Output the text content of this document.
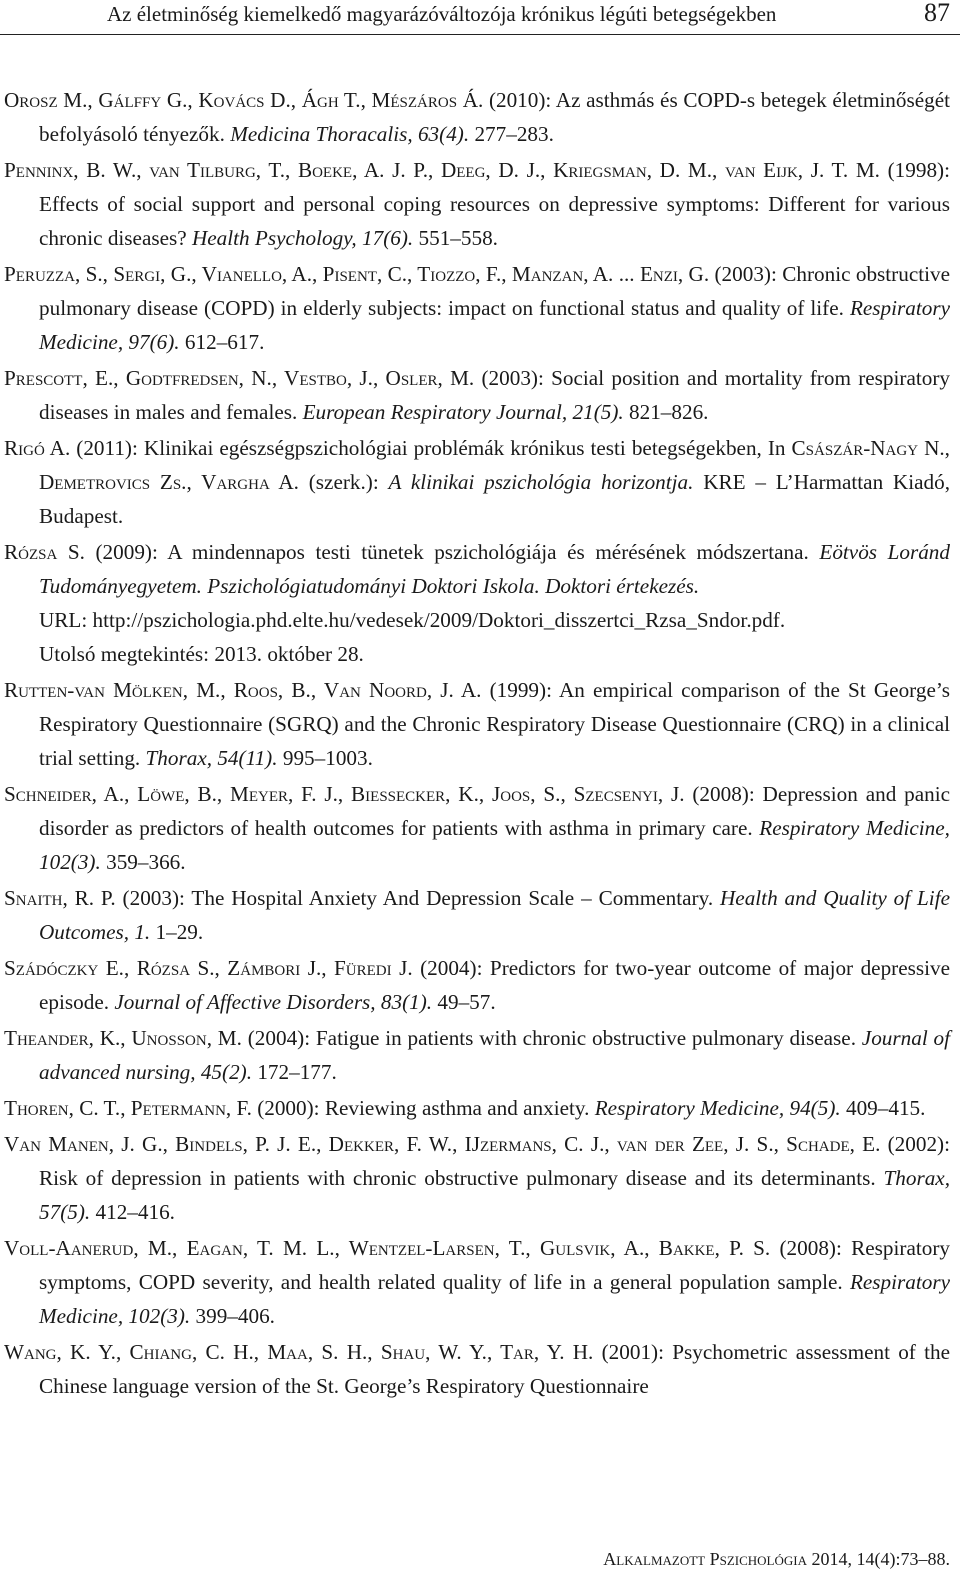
Az életminőség kiemelkedő magyarázóváltozója krónikus légúti betegségekben	87

Orosz M., Gálffy G., Kovács D., Ágh T., Mészáros Á. (2010): Az asthmás és COPD-s betegek életminőségét befolyásoló tényezők. Medicina Thoracalis, 63(4). 277–283.

Penninx, B. W., van Tilburg, T., Boeke, A. J. P., Deeg, D. J., Kriegsman, D. M., van Eijk, J. T. M. (1998): Effects of social support and personal coping resources on depressive symptoms: Different for various chronic diseases? Health Psychology, 17(6). 551–558.

Peruzza, S., Sergi, G., Vianello, A., Pisent, C., Tiozzo, F., Manzan, A. ... Enzi, G. (2003): Chronic obstructive pulmonary disease (COPD) in elderly subjects: impact on functional status and quality of life. Respiratory Medicine, 97(6). 612–617.

Prescott, E., Godtfredsen, N., Vestbo, J., Osler, M. (2003): Social position and mortality from respiratory diseases in males and females. European Respiratory Journal, 21(5). 821–826.

Rigó A. (2011): Klinikai egészségpszichológiai problémák krónikus testi betegségekben, In Császár-Nagy N., Demetrovics Zs., Vargha A. (szerk.): A klinikai pszichológia horizontja. KRE – L’Harmattan Kiadó, Budapest.

Rózsa S. (2009): A mindennapos testi tünetek pszichológiája és mérésének módszertana. Eötvös Loránd Tudományegyetem. Pszichológiatudományi Doktori Iskola. Doktori értekezés.
URL: http://pszichologia.phd.elte.hu/vedesek/2009/Doktori_disszertci_Rzsa_Sndor.pdf.
Utolsó megtekintés: 2013. október 28.

Rutten-van Mölken, M., Roos, B., Van Noord, J. A. (1999): An empirical comparison of the St George’s Respiratory Questionnaire (SGRQ) and the Chronic Respiratory Disease Questionnaire (CRQ) in a clinical trial setting. Thorax, 54(11). 995–1003.

Schneider, A., Löwe, B., Meyer, F. J., Biessecker, K., Joos, S., Szecsenyi, J. (2008): Depression and panic disorder as predictors of health outcomes for patients with asthma in primary care. Respiratory Medicine, 102(3). 359–366.

Snaith, R. P. (2003): The Hospital Anxiety And Depression Scale – Commentary. Health and Quality of Life Outcomes, 1. 1–29.

Szádóczky E., Rózsa S., Zámbori J., Füredi J. (2004): Predictors for two-year outcome of major depressive episode. Journal of Affective Disorders, 83(1). 49–57.

Theander, K., Unosson, M. (2004): Fatigue in patients with chronic obstructive pulmonary disease. Journal of advanced nursing, 45(2). 172–177.

Thoren, C. T., Petermann, F. (2000): Reviewing asthma and anxiety. Respiratory Medicine, 94(5). 409–415.

Van Manen, J. G., Bindels, P. J. E., Dekker, F. W., IJzermans, C. J., van der Zee, J. S., Schade, E. (2002): Risk of depression in patients with chronic obstructive pulmonary disease and its determinants. Thorax, 57(5). 412–416.

Voll-Aanerud, M., Eagan, T. M. L., Wentzel-Larsen, T., Gulsvik, A., Bakke, P. S. (2008): Respiratory symptoms, COPD severity, and health related quality of life in a general population sample. Respiratory Medicine, 102(3). 399–406.

Wang, K. Y., Chiang, C. H., Maa, S. H., Shau, W. Y., Tar, Y. H. (2001): Psychometric assessment of the Chinese language version of the St. George’s Respiratory Questionnaire

Alkalmazott Pszichológia 2014, 14(4):73–88.
